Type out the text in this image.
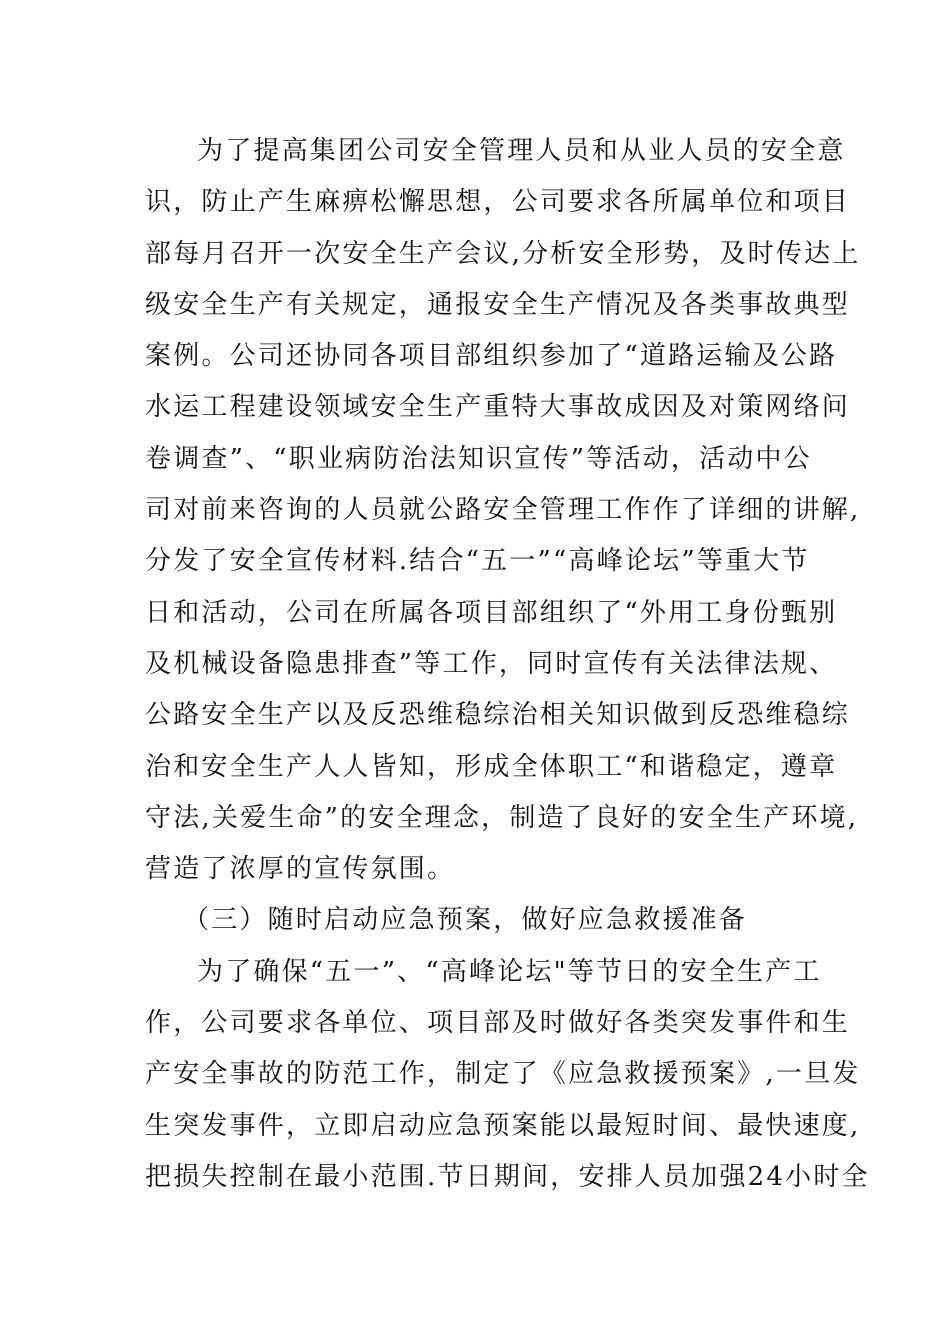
为了提高集团公司安全管理人员和从业人员的安全意
识，防止产生麻痹松懈思想，公司要求各所属单位和项目
部每月召开一次安全生产会议,分析安全形势，及时传达上
级安全生产有关规定，通报安全生产情况及各类事故典型
案例。公司还协同各项目部组织参加了“道路运输及公路
水运工程建设领域安全生产重特大事故成因及对策网络问
卷调查”、“职业病防治法知识宣传”等活动，活动中公
司对前来咨询的人员就公路安全管理工作作了详细的讲解,
分发了安全宣传材料.结合“五一”“高峰论坛”等重大节
日和活动，公司在所属各项目部组织了“外用工身份甄别
及机械设备隐患排查”等工作，同时宣传有关法律法规、
公路安全生产以及反恐维稳综治相关知识做到反恐维稳综
治和安全生产人人皆知，形成全体职工“和谐稳定，遵章
守法,关爱生命”的安全理念，制造了良好的安全生产环境,
营造了浓厚的宣传氛围。
（三）随时启动应急预案，做好应急救援准备
为了确保“五一”、“高峰论坛"等节日的安全生产工
作，公司要求各单位、项目部及时做好各类突发事件和生
产安全事故的防范工作，制定了《应急救援预案》,一旦发
生突发事件，立即启动应急预案能以最短时间、最快速度,
把损失控制在最小范围.节日期间，安排人员加强24小时全
